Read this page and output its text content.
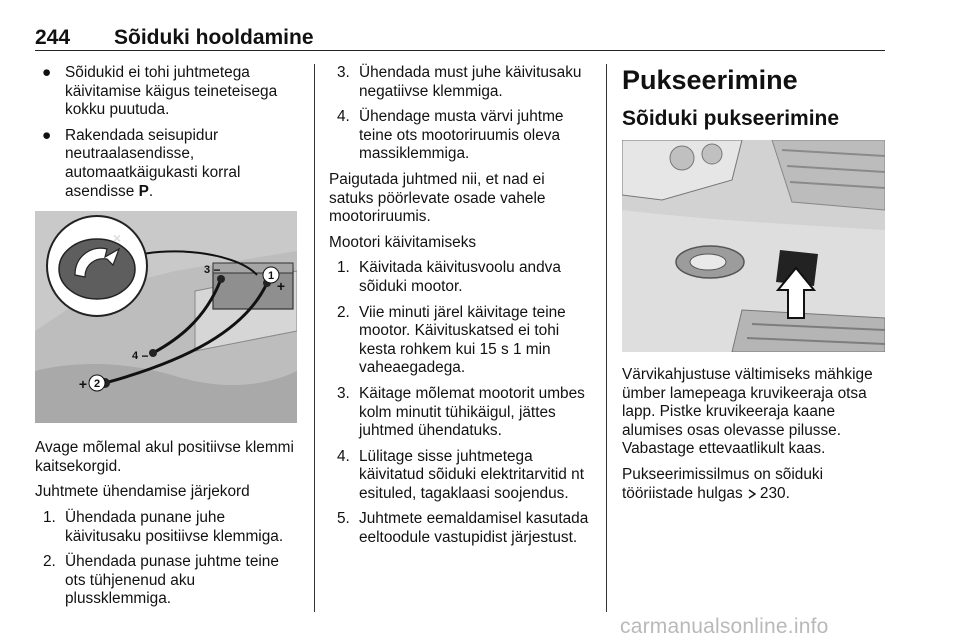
244 Sõiduki hooldamine
● Sõidukid ei tohi juhtmetega käivitamise käigus teineteisega kokku puutuda.
● Rakendada seisupidur neutraalasendisse, automaatkäigukasti korral asendisse P.
×
1
+
2
+
3 −
4 −

Avage mõlemal akul positiivse klemmi kaitsekorgid.

Juhtmete ühendamise järjekord

1. Ühendada punane juhe käivitusaku positiivse klemmiga.
2. Ühendada punase juhtme teine ots tühjenenud aku plussklemmiga.
3. Ühendada must juhe käivitusaku negatiivse klemmiga.
4. Ühendage musta värvi juhtme teine ots mootoriruumis oleva massiklemmiga.

Paigutada juhtmed nii, et nad ei satuks pöörlevate osade vahele mootoriruumis.

Mootori käivitamiseks

1. Käivitada käivitusvoolu andva sõiduki mootor.
2. Viie minuti järel käivitage teine mootor. Käivituskatsed ei tohi kesta rohkem kui 15 s 1 min vaheaegadega.
3. Käitage mõlemat mootorit umbes kolm minutit tühikäigul, jättes juhtmed ühendatuks.
4. Lülitage sisse juhtmetega käivitatud sõiduki elektritarvitid nt esituled, tagaklaasi soojendus.
5. Juhtmete eemaldamisel kasutada eeltoodule vastupidist järjestust.
Pukseerimine
Sõiduki pukseerimine

Värvikahjustuse vältimiseks mähkige ümber lamepeaga kruvikeeraja otsa lapp. Pistke kruvikeeraja kaane alumises osas olevasse pilusse. Vabastage ettevaatlikult kaas.

Pukseerimissilmus on sõiduki tööriistade hulgas 230.

carmanualsonline.info
